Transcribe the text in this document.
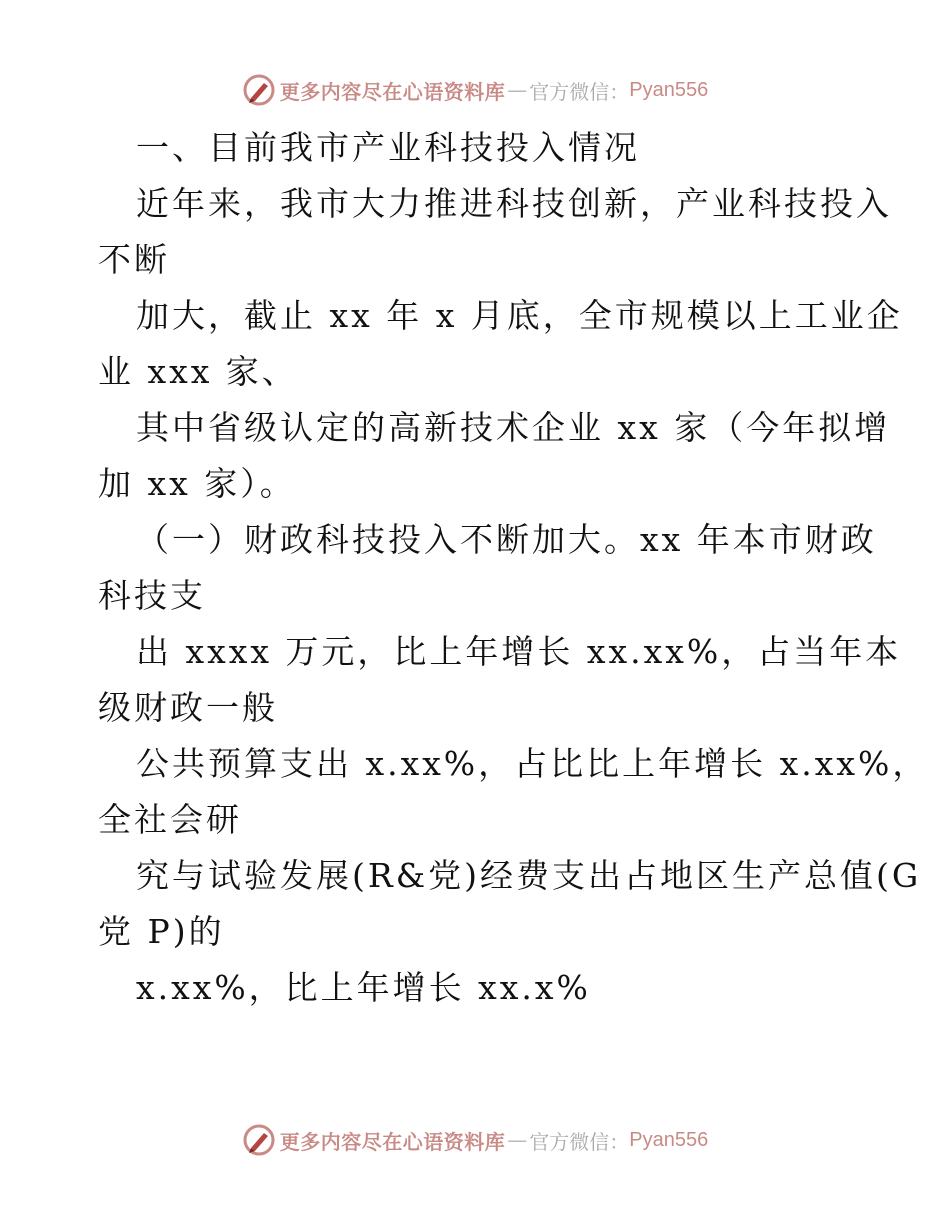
更多内容尽在心语资料库 — 官方微信： Pyan556
一、目前我市产业科技投入情况
近年来，我市大力推进科技创新，产业科技投入
不断
加大，截止 xx 年 x 月底，全市规模以上工业企
业 xxx 家、
其中省级认定的高新技术企业 xx 家（今年拟增
加 xx 家）。
（一）财政科技投入不断加大。xx 年本市财政
科技支
出 xxxx 万元，比上年增长 xx.xx%，占当年本
级财政一般
公共预算支出 x.xx%，占比比上年增长 x.xx%，
全社会研
究与试验发展(R&党)经费支出占地区生产总值(G
党 P)的
x.xx%，比上年增长 xx.x%
更多内容尽在心语资料库 — 官方微信： Pyan556
